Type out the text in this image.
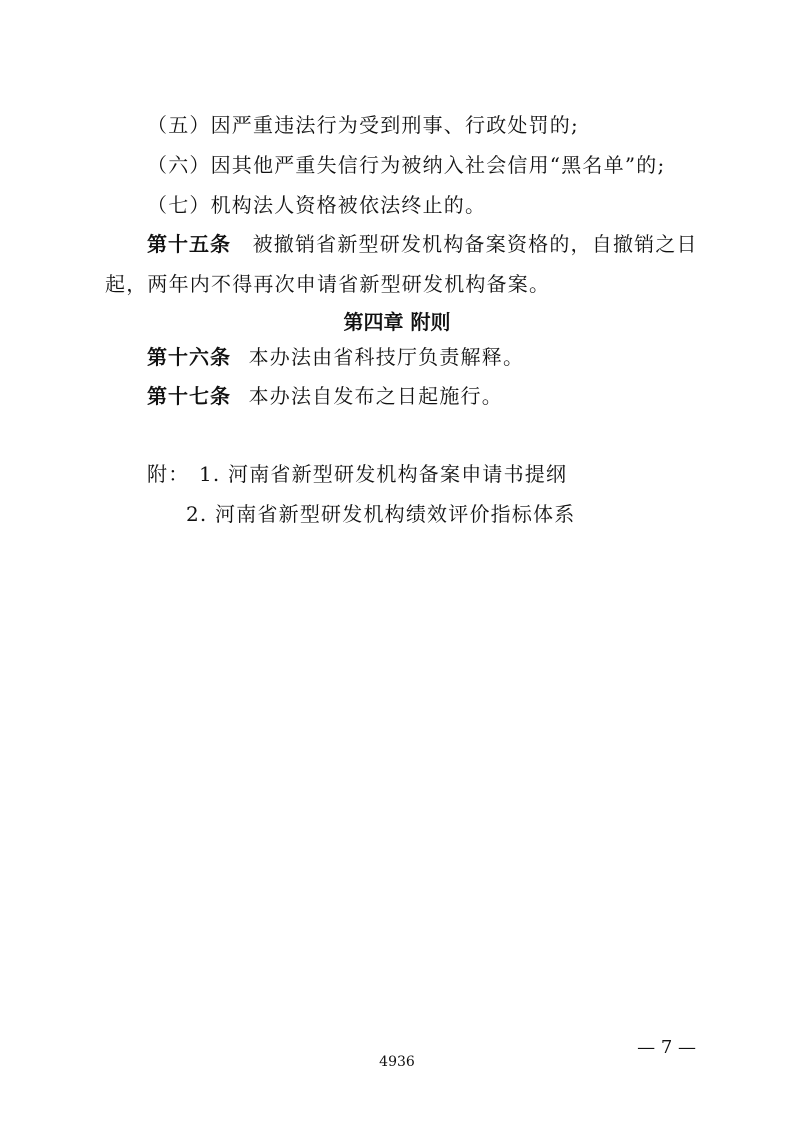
（五）因严重违法行为受到刑事、行政处罚的;
（六）因其他严重失信行为被纳入社会信用“黑名单”的;
（七）机构法人资格被依法终止的。
第十五条 被撤销省新型研发机构备案资格的，自撤销之日
起，两年内不得再次申请省新型研发机构备案。
第四章 附则
第十六条 本办法由省科技厅负责解释。
第十七条 本办法自发布之日起施行。
附： 1. 河南省新型研发机构备案申请书提纲
2. 河南省新型研发机构绩效评价指标体系
— 7 —
4936
